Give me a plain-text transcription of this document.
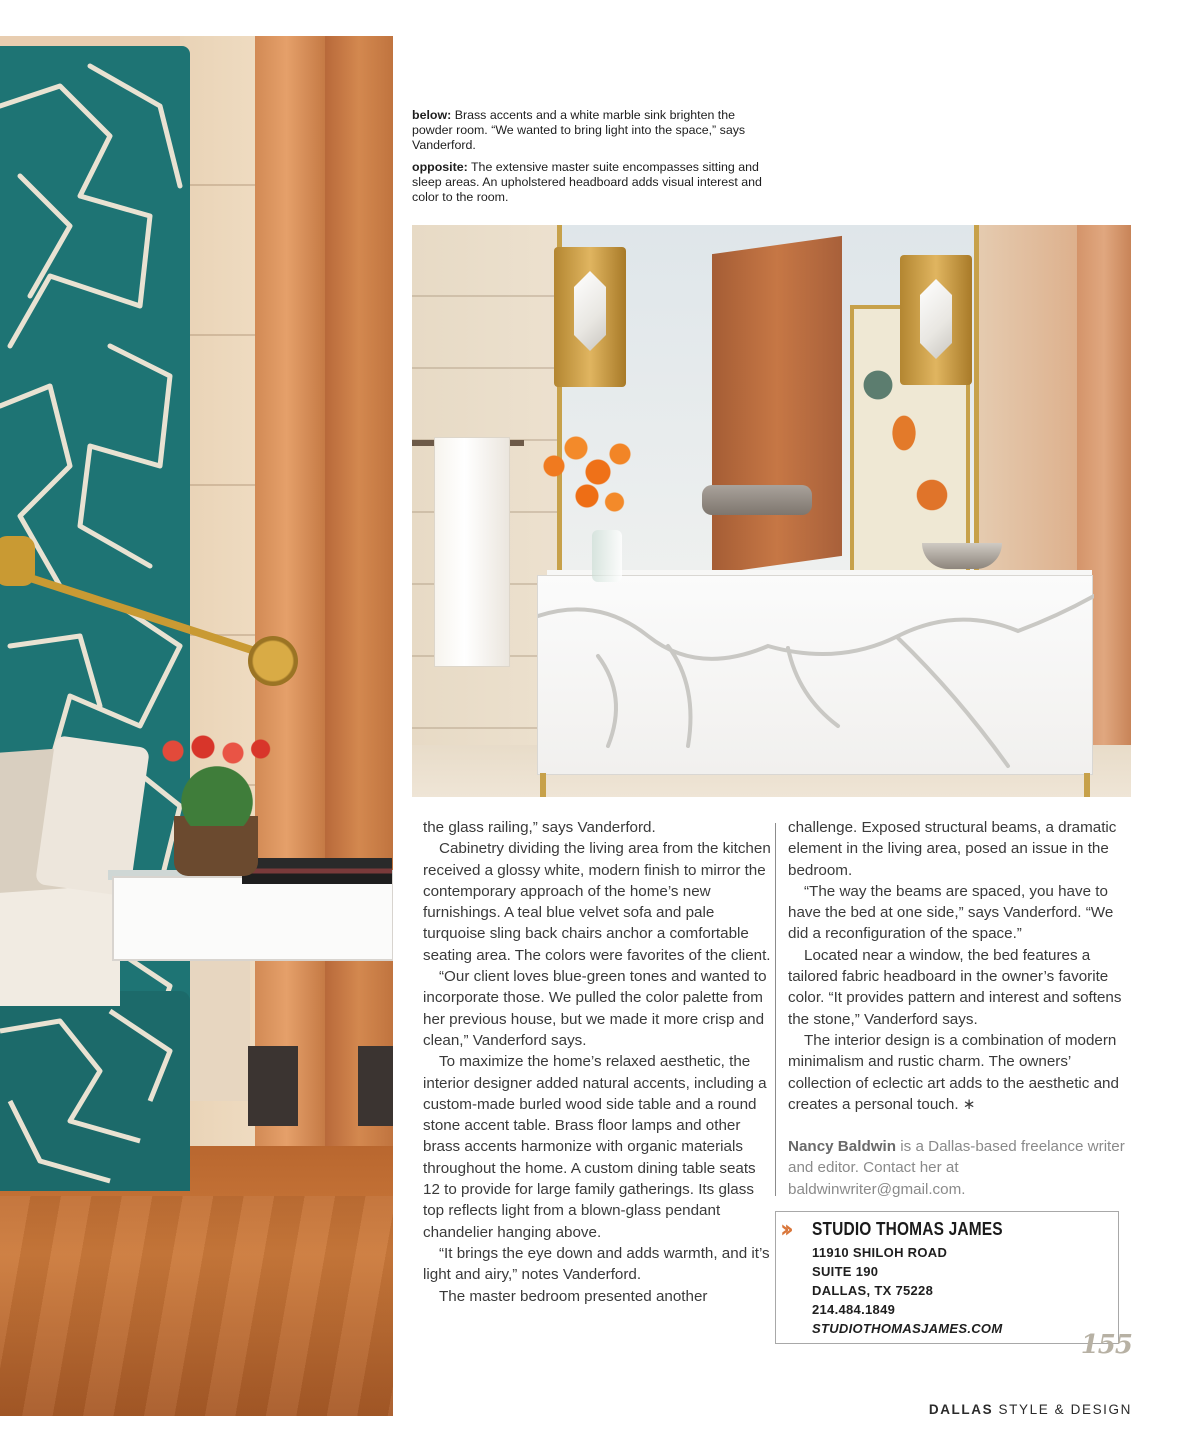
below: Brass accents and a white marble sink brighten the powder room. “We wanted to bring light into the space,” says Vanderford.

opposite: The extensive master suite encompasses sitting and sleep areas. An upholstered headboard adds visual interest and color to the room.

the glass railing,” says Vanderford.

Cabinetry dividing the living area from the kitchen received a glossy white, modern finish to mirror the contemporary approach of the home’s new furnishings. A teal blue velvet sofa and pale turquoise sling back chairs anchor a comfortable seating area. The colors were favorites of the client.

“Our client loves blue-green tones and wanted to incorporate those. We pulled the color palette from her previous house, but we made it more crisp and clean,” Vanderford says.

To maximize the home’s relaxed aesthetic, the interior designer added natural accents, including a custom-made burled wood side table and a round stone accent table. Brass floor lamps and other brass accents harmonize with organic materials throughout the home. A custom dining table seats 12 to provide for large family gatherings. Its glass top reflects light from a blown-glass pendant chandelier hanging above.

“It brings the eye down and adds warmth, and it’s light and airy,” notes Vanderford.

The master bedroom presented another

challenge. Exposed structural beams, a dramatic element in the living area, posed an issue in the bedroom.

“The way the beams are spaced, you have to have the bed at one side,” says Vanderford. “We did a reconfiguration of the space.”

Located near a window, the bed features a tailored fabric headboard in the owner’s favorite color. “It provides pattern and interest and softens the stone,” Vanderford says.

The interior design is a combination of modern minimalism and rustic charm. The owners’ collection of eclectic art adds to the aesthetic and creates a personal touch. ∗

Nancy Baldwin is a Dallas-based freelance writer and editor. Contact her at baldwinwriter@gmail.com.

›› STUDIO THOMAS JAMES
11910 SHILOH ROAD
SUITE 190
DALLAS, TX 75228
214.484.1849
STUDIOTHOMASJAMES.COM
155
DALLAS STYLE & DESIGN
